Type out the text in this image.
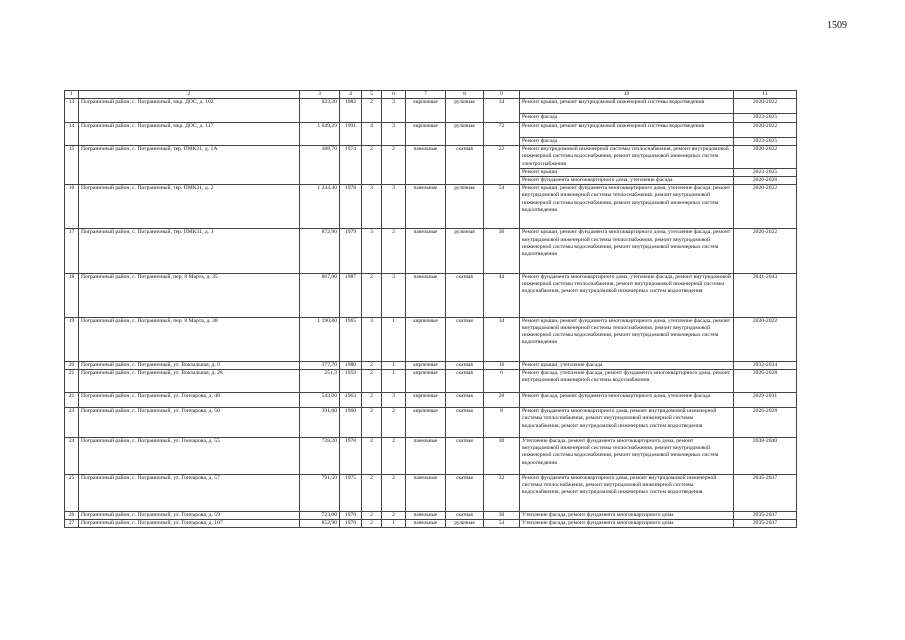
1509
1	2	3	4	5	6	7	8	9	10	11
13	Пограничный район, с. Пограничный, мкр. ДОС, д. 102	923,20	1982	2	3	кирпичные	рулонная	34	Ремонт крыши, ремонт внутридомовой инженерной системы водоотведения	2020-2022
									Ремонт фасада	2023-2025
14	Пограничный район, с. Пограничный, мкр. ДОС, д. 117	1 049,29	1991	4	3	кирпичные	рулонная	72	Ремонт крыши, ремонт внутридомовой инженерной системы водоотведения	2020-2022
									Ремонт фасада	2023-2025
15	Пограничный район, с. Пограничный, тер. ПМК31, д. 1А	388,70	1974	2	2	панельные	скатная	22	Ремонт внутридомовой инженерной системы теплоснабжения, ремонт внутридомовой инженерной системы водоснабжения, ремонт внутридомовой инженерных систем электроснабжения	2020-2022
									Ремонт крыши	2023-2025
									Ремонт фундамента многоквартирного дома, утепление фасада	2026-2028
16	Пограничный район, с. Пограничный, тер. ПМК31, д. 2	1 244,40	1978	3	3	панельные	рулонная	54	Ремонт крыши, ремонт фундамента многоквартирного дома, утепление фасада, ремонт внутридомовой инженерной системы теплоснабжения, ремонт внутридомовой инженерной системы водоснабжения, ремонт внутридомовой инженерных систем водоотведения	2020-2022
17	Пограничный район, с. Пограничный, тер. ПМК31, д. 3	872,90	1979	3	2	панельные	рулонная	36	Ремонт крыши, ремонт фундамента многоквартирного дома, утепление фасада, ремонт внутридомовой инженерной системы теплоснабжения, ремонт внутридомовой инженерной системы водоснабжения, ремонт внутридомовой инженерных систем водоотведения	2020-2022
18	Пограничный район, с. Пограничный, пер. 8 Марта, д. 35	867,00	1987	2	3	панельные	скатная	44	Ремонт фундамента многоквартирного дома, утепление фасада, ремонт внутридомовой инженерной системы теплоснабжения, ремонт внутридомовой инженерной системы водоснабжения, ремонт внутридомовой инженерных систем водоотведения	2041-2043
19	Пограничный район, с. Пограничный, пер. 8 Марта, д. 38	1 190,80	1965	3	1	кирпичные	скатная	34	Ремонт крыши, ремонт фундамента многоквартирного дома, утепление фасада, ремонт внутридомовой инженерной системы теплоснабжения, ремонт внутридомовой инженерной системы водоснабжения, ремонт внутридомовой инженерных систем водоотведения	2020-2022
20	Пограничный район, с. Пограничный, ул. Вокзальная, д. 9	377,70	1980	2	1	кирпичные	скатная	16	Ремонт крыши, утепление фасада	2032-2034
21	Пограничный район, с. Пограничный, ул. Вокзальная, д. 28	251,3	1959	2	1	кирпичные	скатная	6	Ремонт фасада, утепление фасада, ремонт фундамента многоквартирного дома, ремонт внутридомовой инженерной системы водоснабжения	2026-2028
21	Пограничный район, с. Пограничный, ул. Гончарова, д. 48	543,00	1963	2	3	кирпичные	скатная	20	Ремонт фасада, ремонт фундамента многоквартирного дома, утепление фасада	2029-2031
23	Пограничный район, с. Пограничный, ул. Гончарова, д. 50	391,60	1960	2	2	кирпичные	скатная	8	Ремонт фундамента многоквартирного дома, ремонт внутридомовой инженерной системы теплоснабжения, ремонт внутридомовой инженерной системы водоснабжения, ремонт внутридомовой инженерных систем водоотведения	2026-2028
24	Пограничный район, с. Пограничный, ул. Гончарова, д. 55	728,20	1978	2	2	панельные	скатная	30	Утепление фасада, ремонт фундамента многоквартирного дома, ремонт внутридомовой инженерной системы теплоснабжения, ремонт внутридомовой инженерной системы водоснабжения, ремонт внутридомовой инженерных систем водоотведения	2038-2040
25	Пограничный район, с. Пограничный, ул. Гончарова, д. 57	791,50	1975	2	2	панельные	скатная	32	Ремонт фундамента многоквартирного дома, ремонт внутридомовой инженерной системы теплоснабжения, ремонт внутридомовой инженерной системы водоснабжения, ремонт внутридомовой инженерных систем водоотведения	2035-2037
26	Пограничный район, с. Пограничный, ул. Гончарова, д. 59	723,00	1976	2	2	панельные	скатная	30	Утепление фасада, ремонт фундамента многоквартирного дома	2035-2037
27	Пограничный район, с. Пограничный, ул. Гончарова, д. 107	852,90	1976	2	1	панельные	рулонная	54	Утепление фасада, ремонт фундамента многоквартирного дома	2035-2037
